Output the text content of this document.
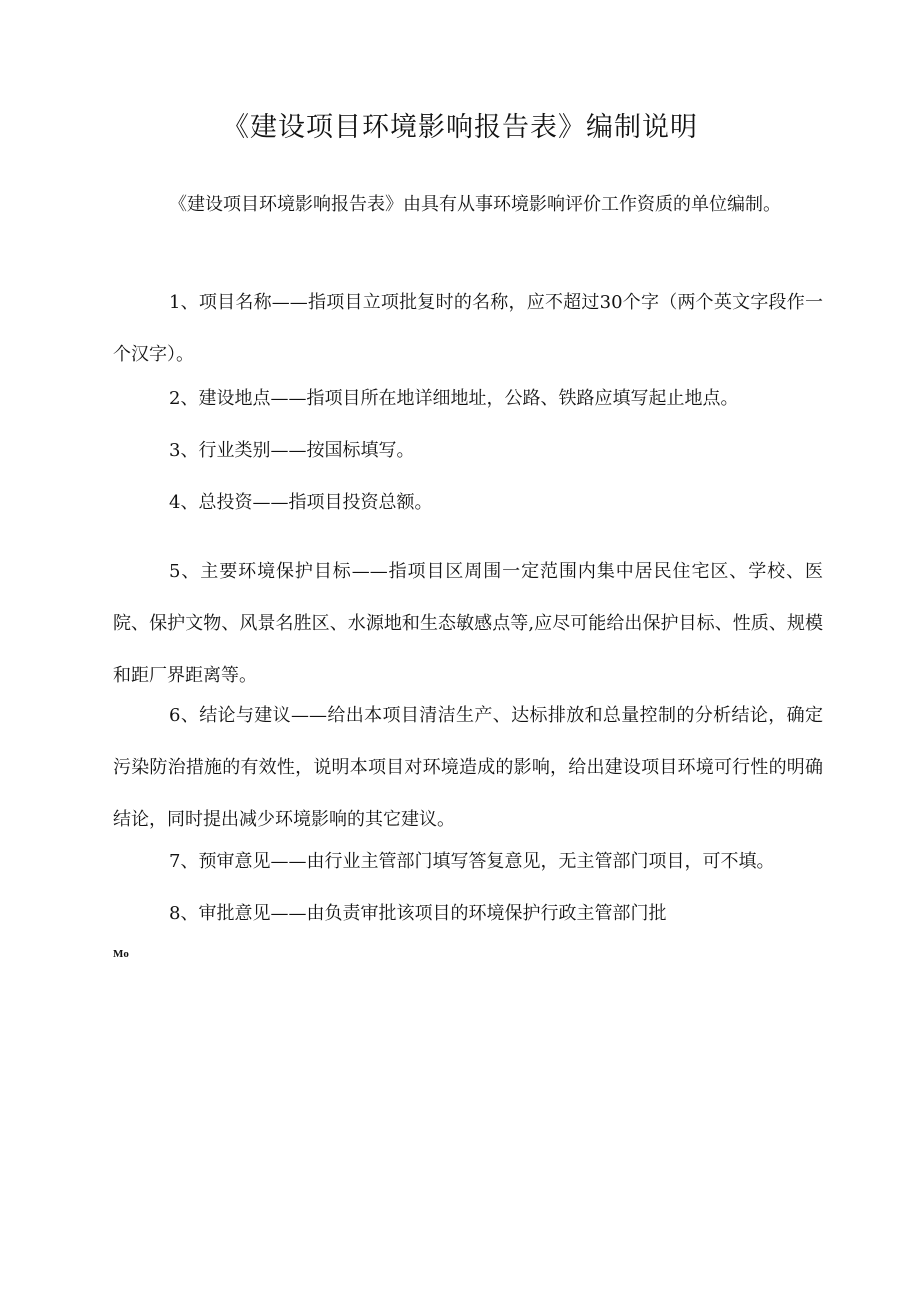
《建设项目环境影响报告表》编制说明
《建设项目环境影响报告表》由具有从事环境影响评价工作资质的单位编制。
1、项目名称——指项目立项批复时的名称，应不超过30个字（两个英文字段作一个汉字）。
2、建设地点——指项目所在地详细地址，公路、铁路应填写起止地点。
3、行业类别——按国标填写。
4、总投资——指项目投资总额。
5、主要环境保护目标——指项目区周围一定范围内集中居民住宅区、学校、医院、保护文物、风景名胜区、水源地和生态敏感点等,应尽可能给出保护目标、性质、规模和距厂界距离等。
6、结论与建议——给出本项目清洁生产、达标排放和总量控制的分析结论，确定污染防治措施的有效性，说明本项目对环境造成的影响，给出建设项目环境可行性的明确结论，同时提出减少环境影响的其它建议。
7、预审意见——由行业主管部门填写答复意见，无主管部门项目，可不填。
8、审批意见——由负责审批该项目的环境保护行政主管部门批
Mo
